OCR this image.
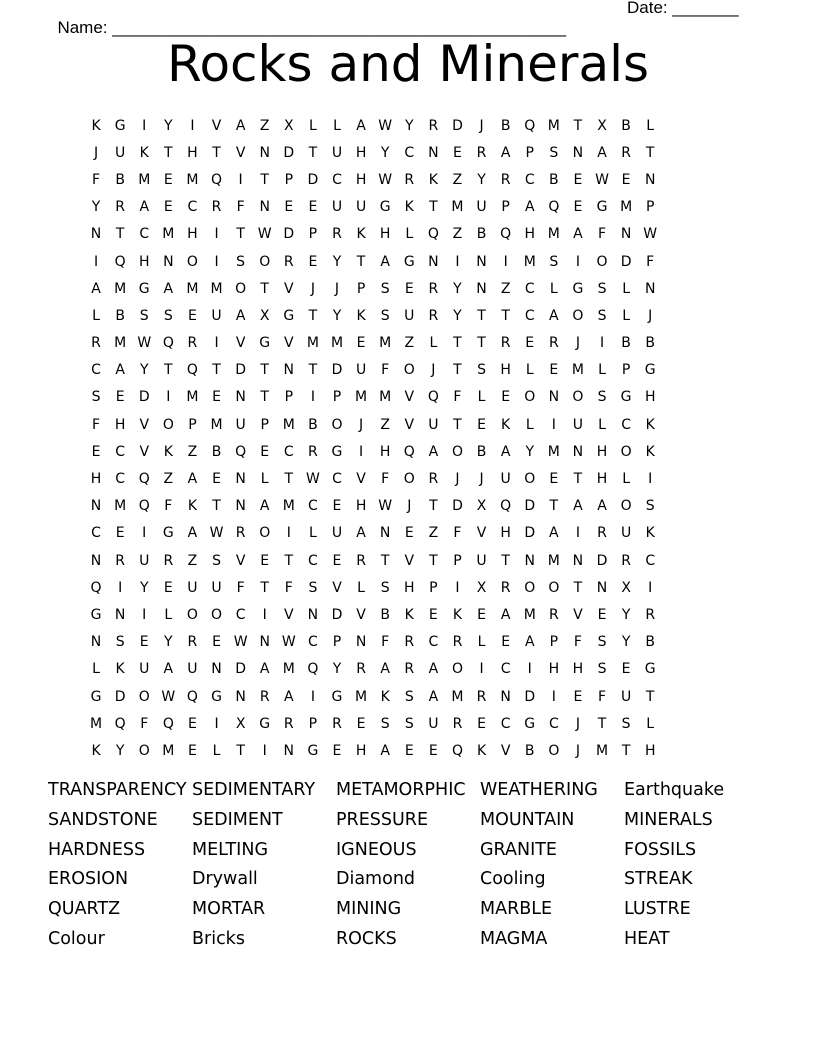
Name: ________________________________________________

Date: _______

Rocks and Minerals
K	G	I	Y	I	V	A	Z	X	L	L	A W Y	R D	J	B Q M T	X	B	L
J	U	K	T	H	T	V	N D	T	U H	Y	C N	E	R	A	P	S	N	A	R	T
F	B M E M Q	I	T	P	D C H W R	K	Z	Y	R	C	B	E W E	N
Y	R	A	E	C	R	F	N	E	E	U U G	K	T M U	P	A Q	E	G M P
N	T	C M H	I	T W D	P	R	K	H	L	Q Z	B Q H M A	F	N W
I	Q H N O	I	S	O R	E	Y	T	A G N	I	N	I	M S	I	O D	F
A M G A M M O	T	V	J	J	P	S	E	R	Y	N	Z	C	L	G	S	L	N
L	B	S	S	E	U	A	X G	T	Y	K	S	U	R	Y	T	T	C	A O	S	L	J
R M W Q R	I	V G V M M E M Z	L	T	T	R	E	R	J	I	B	B
C	A	Y	T	Q	T	D	T	N	T	D U	F	O	J	T	S	H	L	E M	L	P	G
S	E	D	I	M E	N	T	P	I	P M M V Q	F	L	E	O N O	S	G H
F	H	V O	P M U	P M B O	J	Z	V	U	T	E	K	L	I	U	L	C	K
E	C	V	K	Z	B Q	E	C	R G	I	H Q A O B	A	Y M N H O K
H C Q Z	A	E	N	L	T W C	V	F	O R	J	J	U O	E	T	H	L	I
N M Q	F	K	T	N	A M C	E	H W	J	T	D X Q D	T	A	A O	S
C	E	I	G A W R O	I	L	U	A	N	E	Z	F	V	H D A	I	R	U	K
N R	U	R	Z	S	V	E	T	C	E	R	T	V	T	P	U	T	N M N D R	C
Q	I	Y	E	U U	F	T	F	S	V	L	S	H	P	I	X	R O O	T	N	X	I
G N	I	L	O O C	I	V	N D V	B	K	E	K	E	A M R	V	E	Y	R
N	S	E	Y	R	E W N W C	P	N	F	R	C	R	L	E	A	P	F	S	Y	B
L	K	U	A	U N D A M Q	Y	R	A	R	A O	I	C	I	H H	S	E	G
G D O W Q G N R	A	I	G M K	S	A M R N D	I	E	F	U	T
M Q	F	Q	E	I	X G R	P	R	E	S	S	U	R	E	C G C	J	T	S	L
K	Y	O M E	L	T	I	N G	E	H	A	E	E	Q K	V	B O	J	M T	H
TRANSPARENCY SEDIMENTARY	METAMORPHIC WEATHERING	Earthquake
SANDSTONE	SEDIMENT	PRESSURE	MOUNTAIN	MINERALS
HARDNESS	MELTING	IGNEOUS	GRANITE	FOSSILS
EROSION	Drywall	Diamond	Cooling	STREAK
QUARTZ	MORTAR	MINING	MARBLE	LUSTRE
Colour	Bricks	ROCKS	MAGMA	HEAT
